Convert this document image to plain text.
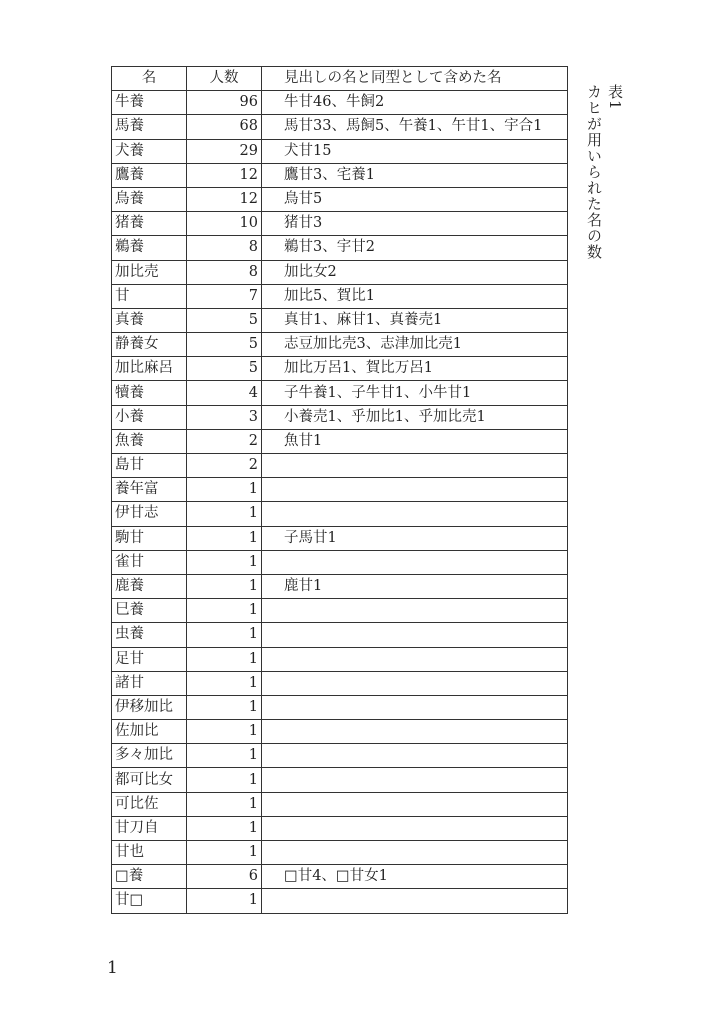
名	人数	見出しの名と同型として含めた名
牛養	96	牛甘46、牛飼2
馬養	68	馬甘33、馬飼5、午養1、午甘1、宇合1
犬養	29	犬甘15
鷹養	12	鷹甘3、宅養1
鳥養	12	鳥甘5
猪養	10	猪甘3
鵜養	8	鵜甘3、宇甘2
加比売	8	加比女2
甘	7	加比5、賀比1
真養	5	真甘1、麻甘1、真養売1
静養女	5	志豆加比売3、志津加比売1
加比麻呂	5	加比万呂1、賀比万呂1
犢養	4	子牛養1、子牛甘1、小牛甘1
小養	3	小養売1、乎加比1、乎加比売1
魚養	2	魚甘1
島甘	2	
養年富	1	
伊甘志	1	
駒甘	1	子馬甘1
雀甘	1	
鹿養	1	鹿甘1
巳養	1	
虫養	1	
足甘	1	
諸甘	1	
伊移加比	1	
佐加比	1	
多々加比	1	
都可比女	1	
可比佐	1	
甘刀自	1	
甘也	1	
□養	6	□甘4、□甘女1
甘□	1	
表1
カヒが用いられた名の数
1
